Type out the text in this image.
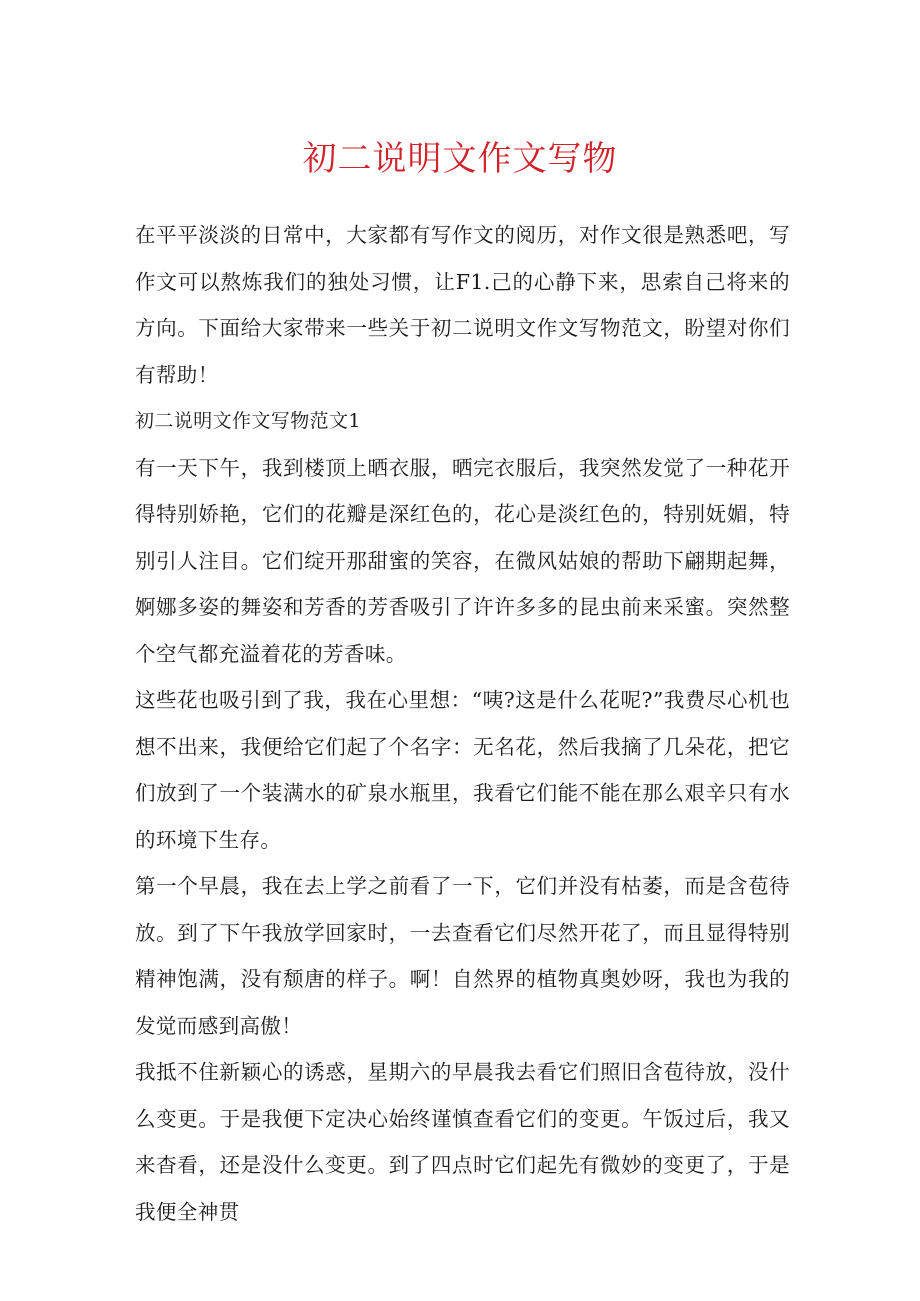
初二说明文作文写物

在平平淡淡的日常中，大家都有写作文的阅历，对作文很是熟悉吧，写作文可以熬炼我们的独处习惯，让F1.己的心静下来，思索自己将来的方向。下面给大家带来一些关于初二说明文作文写物范文，盼望对你们有帮助！

初二说明文作文写物范文1

有一天下午，我到楼顶上晒衣服，晒完衣服后，我突然发觉了一种花开得特别娇艳，它们的花瓣是深红色的，花心是淡红色的，特别妩媚，特别引人注目。它们绽开那甜蜜的笑容，在微风姑娘的帮助下翩期起舞，婀娜多姿的舞姿和芳香的芳香吸引了许许多多的昆虫前来采蜜。突然整个空气都充溢着花的芳香味。

这些花也吸引到了我，我在心里想：“咦?这是什么花呢?”我费尽心机也想不出来，我便给它们起了个名字：无名花，然后我摘了几朵花，把它们放到了一个装满水的矿泉水瓶里，我看它们能不能在那么艰辛只有水的环境下生存。

第一个早晨，我在去上学之前看了一下，它们并没有枯萎，而是含苞待放。到了下午我放学回家时，一去查看它们尽然开花了，而且显得特别精神饱满，没有颓唐的样子。啊！自然界的植物真奥妙呀，我也为我的发觉而感到高傲！

我抵不住新颖心的诱惑，星期六的早晨我去看它们照旧含苞待放，没什么变更。于是我便下定决心始终谨慎查看它们的变更。午饭过后，我又来杳看，还是没什么变更。到了四点时它们起先有微妙的变更了，于是我便全神贯
